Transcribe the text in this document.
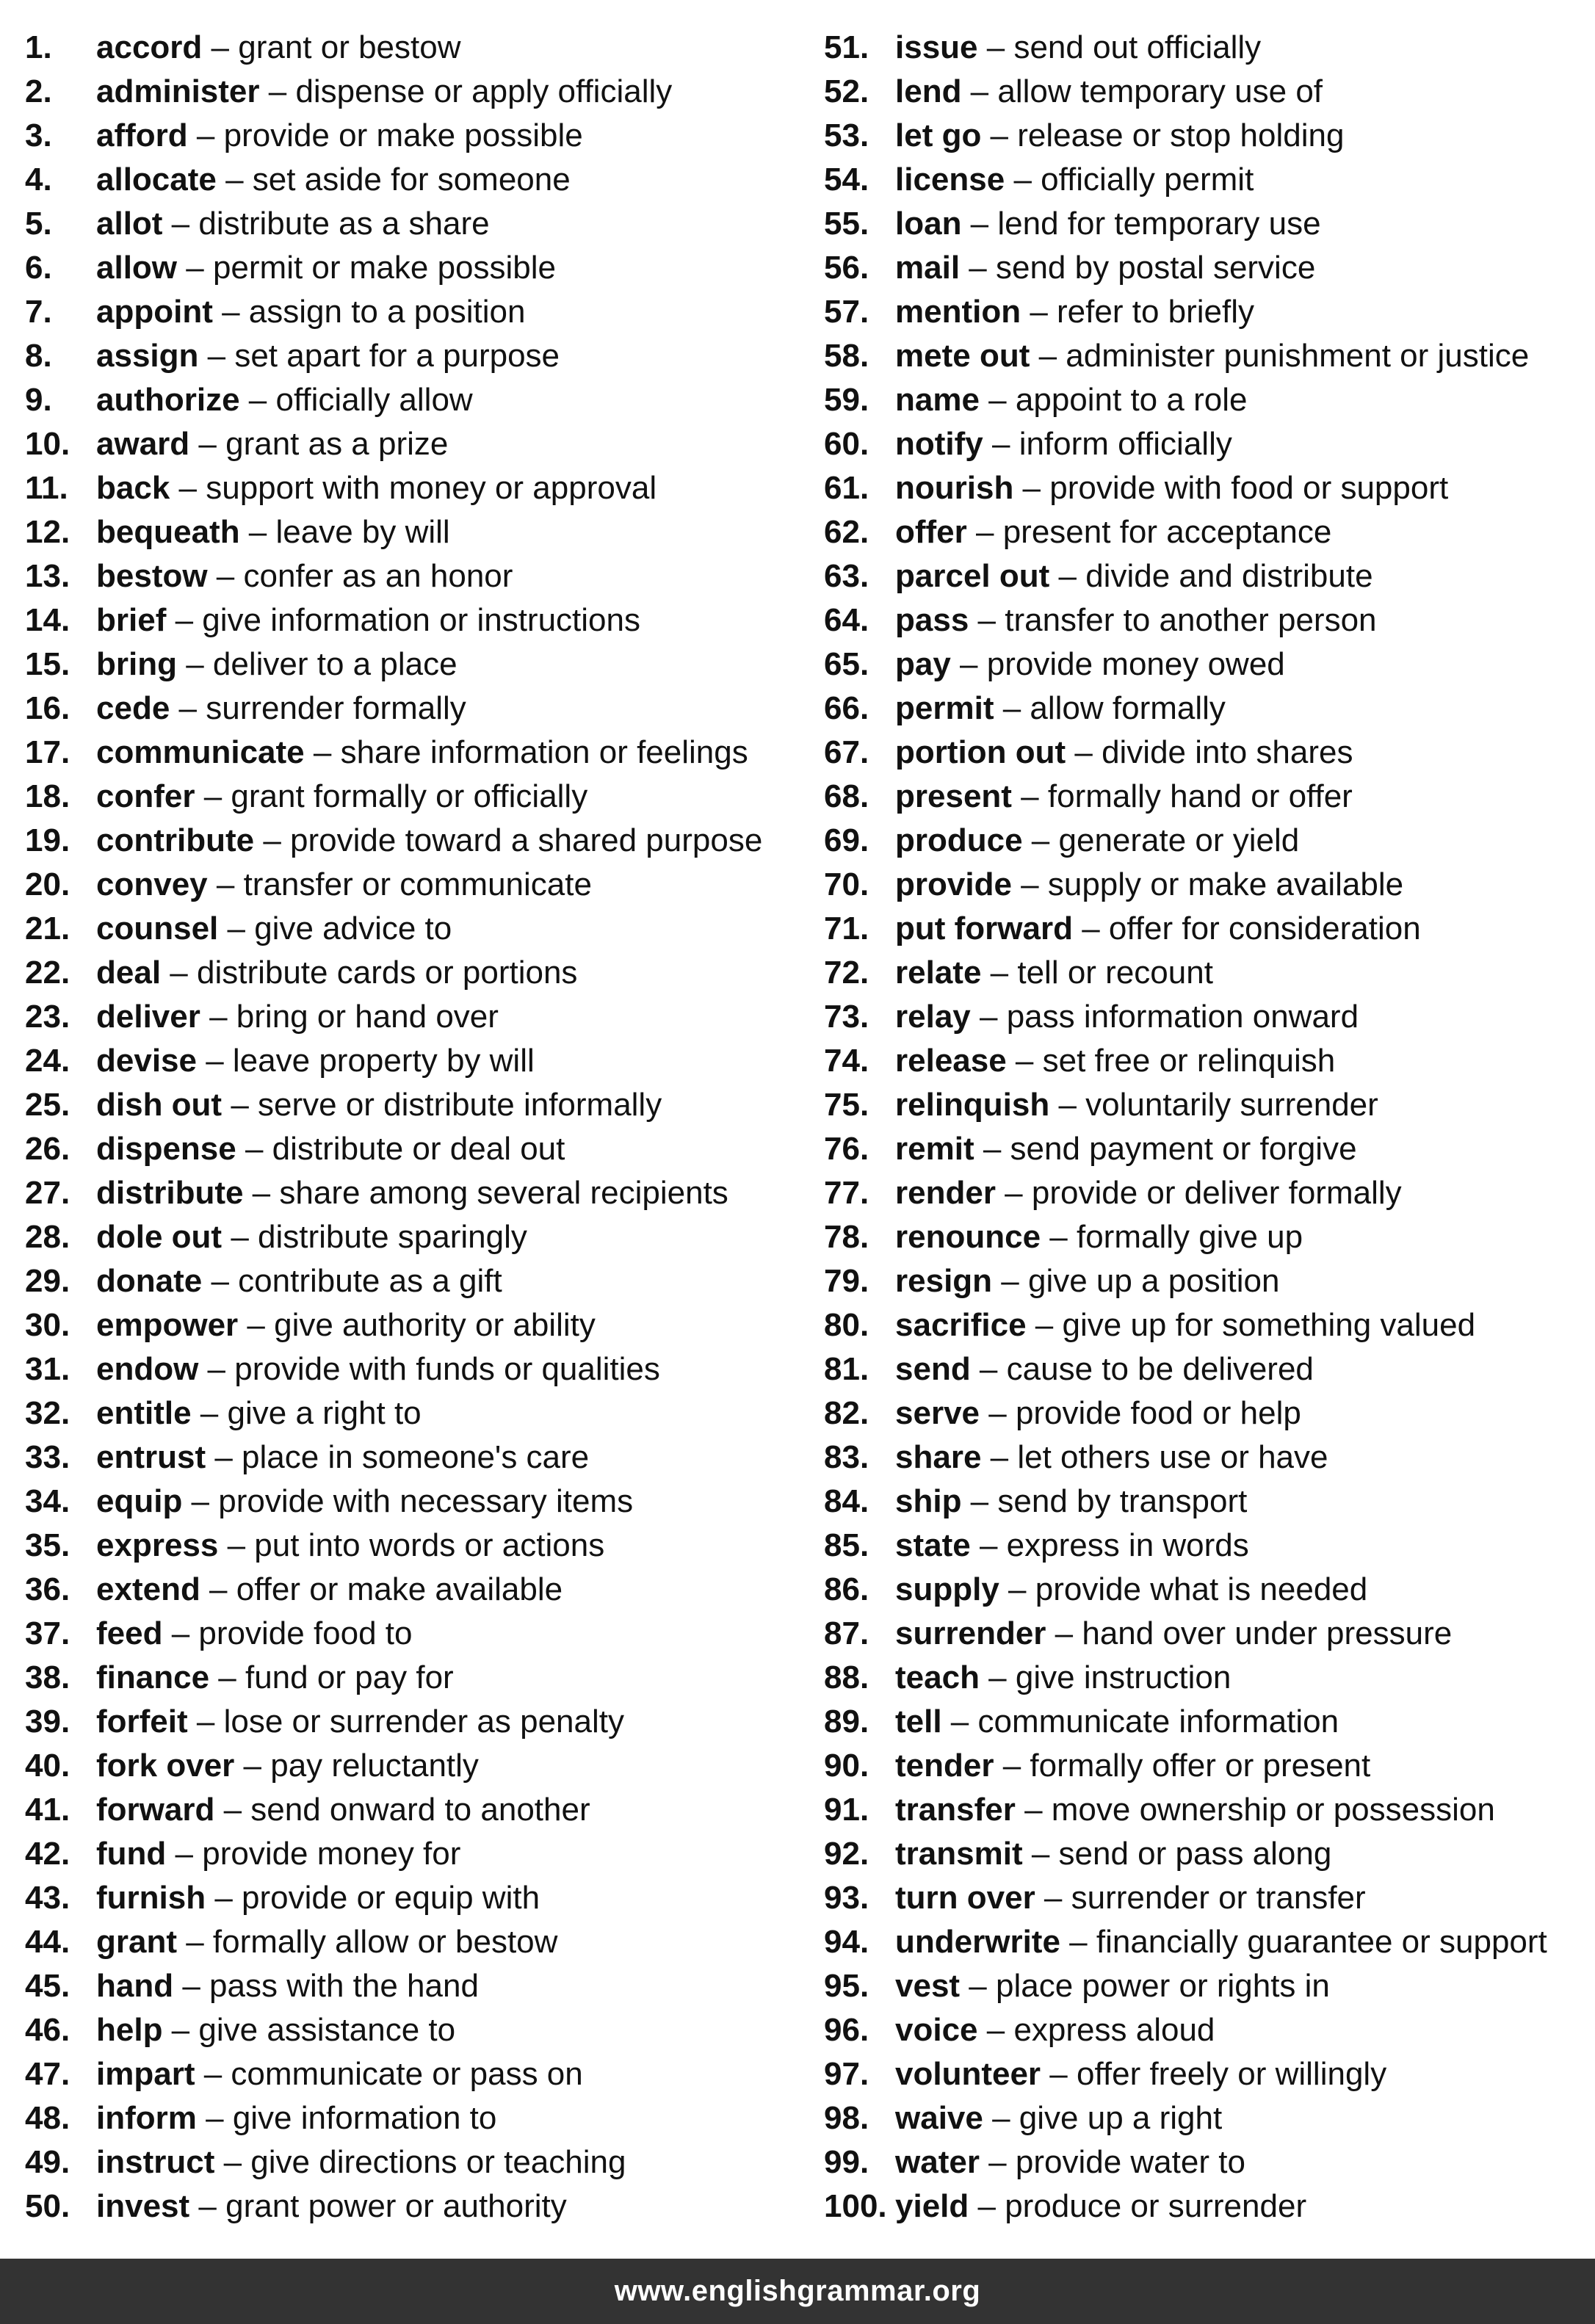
1. accord – grant or bestow
2. administer – dispense or apply officially
3. afford – provide or make possible
4. allocate – set aside for someone
5. allot – distribute as a share
6. allow – permit or make possible
7. appoint – assign to a position
8. assign – set apart for a purpose
9. authorize – officially allow
10. award – grant as a prize
11. back – support with money or approval
12. bequeath – leave by will
13. bestow – confer as an honor
14. brief – give information or instructions
15. bring – deliver to a place
16. cede – surrender formally
17. communicate – share information or feelings
18. confer – grant formally or officially
19. contribute – provide toward a shared purpose
20. convey – transfer or communicate
21. counsel – give advice to
22. deal – distribute cards or portions
23. deliver – bring or hand over
24. devise – leave property by will
25. dish out – serve or distribute informally
26. dispense – distribute or deal out
27. distribute – share among several recipients
28. dole out – distribute sparingly
29. donate – contribute as a gift
30. empower – give authority or ability
31. endow – provide with funds or qualities
32. entitle – give a right to
33. entrust – place in someone's care
34. equip – provide with necessary items
35. express – put into words or actions
36. extend – offer or make available
37. feed – provide food to
38. finance – fund or pay for
39. forfeit – lose or surrender as penalty
40. fork over – pay reluctantly
41. forward – send onward to another
42. fund – provide money for
43. furnish – provide or equip with
44. grant – formally allow or bestow
45. hand – pass with the hand
46. help – give assistance to
47. impart – communicate or pass on
48. inform – give information to
49. instruct – give directions or teaching
50. invest – grant power or authority
51. issue – send out officially
52. lend – allow temporary use of
53. let go – release or stop holding
54. license – officially permit
55. loan – lend for temporary use
56. mail – send by postal service
57. mention – refer to briefly
58. mete out – administer punishment or justice
59. name – appoint to a role
60. notify – inform officially
61. nourish – provide with food or support
62. offer – present for acceptance
63. parcel out – divide and distribute
64. pass – transfer to another person
65. pay – provide money owed
66. permit – allow formally
67. portion out – divide into shares
68. present – formally hand or offer
69. produce – generate or yield
70. provide – supply or make available
71. put forward – offer for consideration
72. relate – tell or recount
73. relay – pass information onward
74. release – set free or relinquish
75. relinquish – voluntarily surrender
76. remit – send payment or forgive
77. render – provide or deliver formally
78. renounce – formally give up
79. resign – give up a position
80. sacrifice – give up for something valued
81. send – cause to be delivered
82. serve – provide food or help
83. share – let others use or have
84. ship – send by transport
85. state – express in words
86. supply – provide what is needed
87. surrender – hand over under pressure
88. teach – give instruction
89. tell – communicate information
90. tender – formally offer or present
91. transfer – move ownership or possession
92. transmit – send or pass along
93. turn over – surrender or transfer
94. underwrite – financially guarantee or support
95. vest – place power or rights in
96. voice – express aloud
97. volunteer – offer freely or willingly
98. waive – give up a right
99. water – provide water to
100. yield – produce or surrender
www.englishgrammar.org
